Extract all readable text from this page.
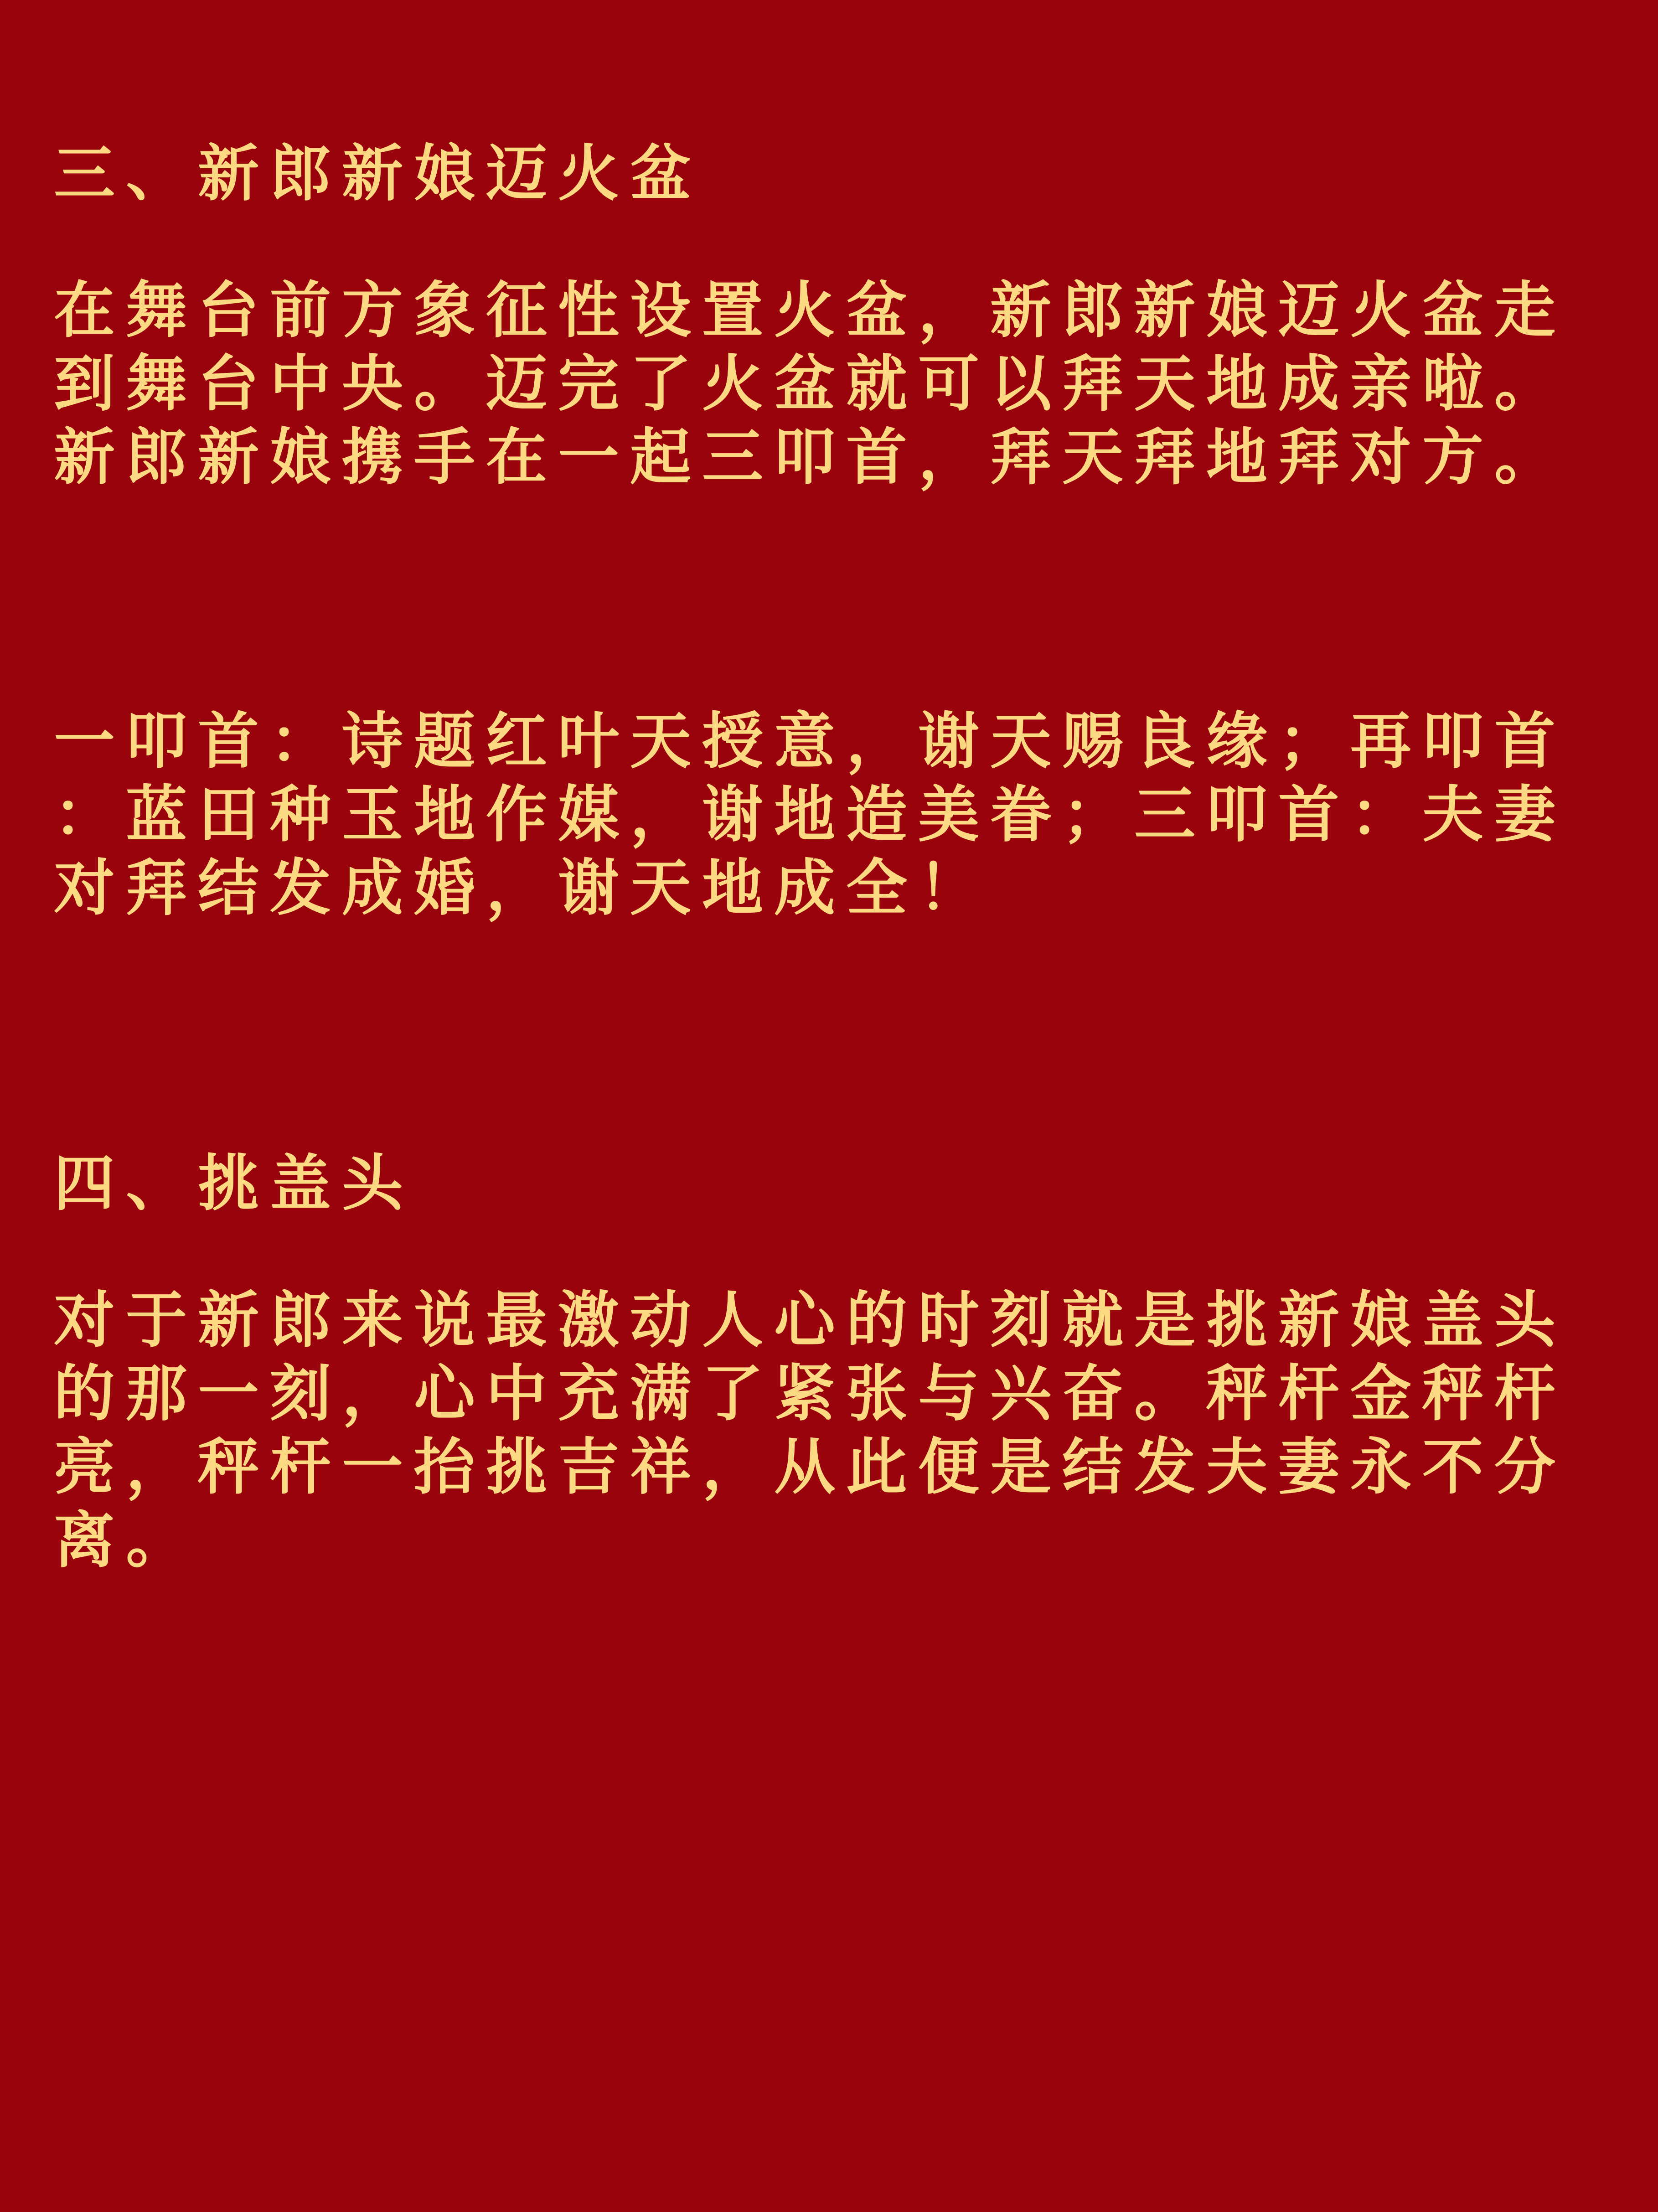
三、新郎新娘迈火盆

在舞台前方象征性设置火盆，新郎新娘迈火盆走
到舞台中央。迈完了火盆就可以拜天地成亲啦。
新郎新娘携手在一起三叩首，拜天拜地拜对方。

一叩首：诗题红叶天授意，谢天赐良缘；再叩首
：蓝田种玉地作媒，谢地造美眷；三叩首：夫妻
对拜结发成婚，谢天地成全！

四、挑盖头

对于新郎来说最激动人心的时刻就是挑新娘盖头
的那一刻，心中充满了紧张与兴奋。秤杆金秤杆
亮，秤杆一抬挑吉祥，从此便是结发夫妻永不分
离。
